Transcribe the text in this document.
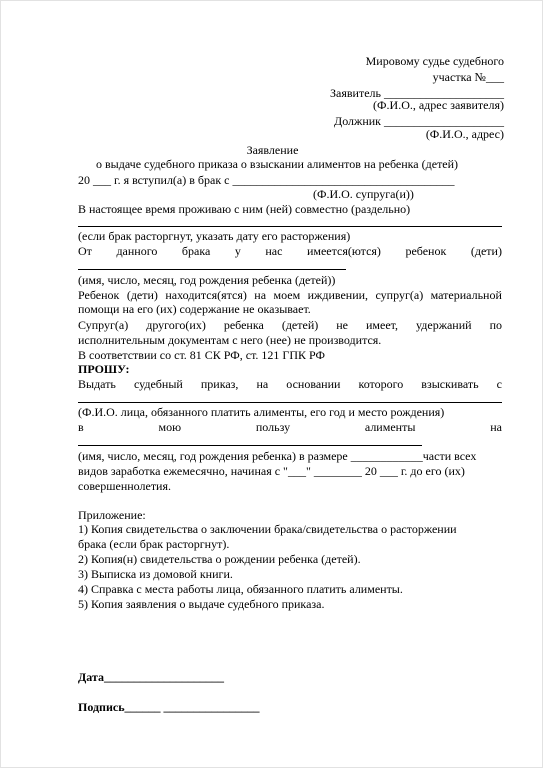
Мировому судье судебного
участка №___
Заявитель ____________________
(Ф.И.О., адрес заявителя)
Должник ____________________
(Ф.И.О., адрес)
Заявление
о выдаче судебного приказа о взыскании алиментов на ребенка (детей)
20 ___ г. я вступил(а) в брак с _____________________________________
(Ф.И.О. супруга(и))
В настоящее время проживаю с ним (ней) совместно (раздельно)
(если брак расторгнут, указать дату его расторжения)
От данного брака у нас имеется(ются) ребенок (дети)
(имя, число, месяц, год рождения ребенка (детей))
Ребенок (дети) находится(ятся) на моем иждивении, супруг(а) материальной
помощи на его (их) содержание не оказывает.
Супруг(а) другого(их) ребенка (детей) не имеет, удержаний по
исполнительным документам с него (нее) не производится.
В соответствии со ст. 81 СК РФ, ст. 121 ГПК РФ
ПРОШУ:
Выдать судебный приказ, на основании которого взыскивать с
(Ф.И.О. лица, обязанного платить алименты, его год и место рождения)
в	мою	пользу	алименты	на
(имя, число, месяц, год рождения ребенка) в размере ____________части всех
видов заработка ежемесячно, начиная с "___" ________ 20 ___ г. до его (их)
совершеннолетия.
Приложение:
1) Копия свидетельства о заключении брака/свидетельства о расторжении
брака (если брак расторгнут).
2) Копия(н) свидетельства о рождении ребенка (детей).
3) Выписка из домовой книги.
4) Справка с места работы лица, обязанного платить алименты.
5) Копия заявления о выдаче судебного приказа.
Дата____________________
Подпись______ ________________
